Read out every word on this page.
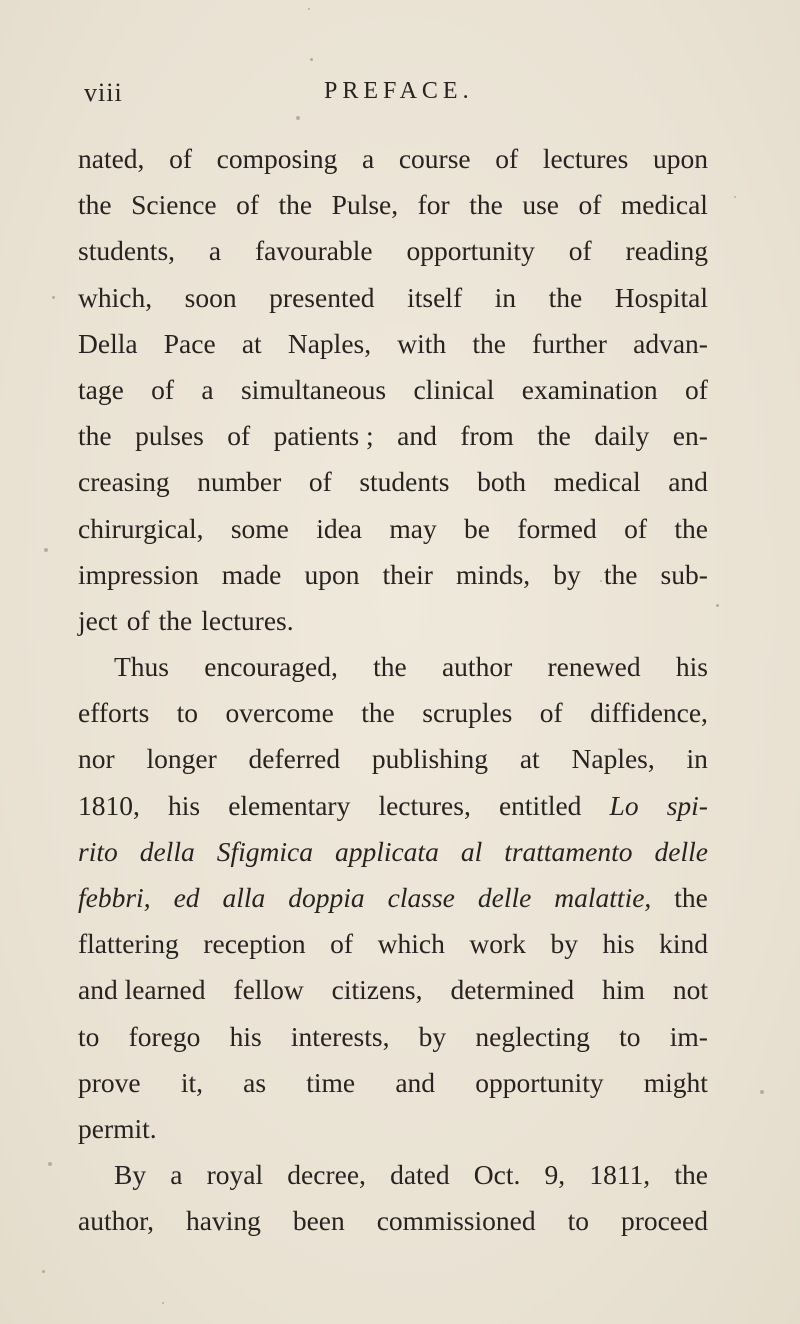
viii	PREFACE.
nated, of composing a course of lectures upon
the Science of the Pulse, for the use of medical
students, a favourable opportunity of reading
which, soon presented itself in the Hospital
Della Pace at Naples, with the further advan-
tage of a simultaneous clinical examination of
the pulses of patients ; and from the daily en-
creasing number of students both medical and
chirurgical, some idea may be formed of the
impression made upon their minds, by the sub-
ject of the lectures.
Thus encouraged, the author renewed his
efforts to overcome the scruples of diffidence,
nor longer deferred publishing at Naples, in
1810, his elementary lectures, entitled Lo spi-
rito della Sfigmica applicata al trattamento delle
febbri, ed alla doppia classe delle malattie, the
flattering reception of which work by his kind
and learned fellow citizens, determined him not
to forego his interests, by neglecting to im-
prove it, as time and opportunity might
permit.
By a royal decree, dated Oct. 9, 1811, the
author, having been commissioned to proceed
